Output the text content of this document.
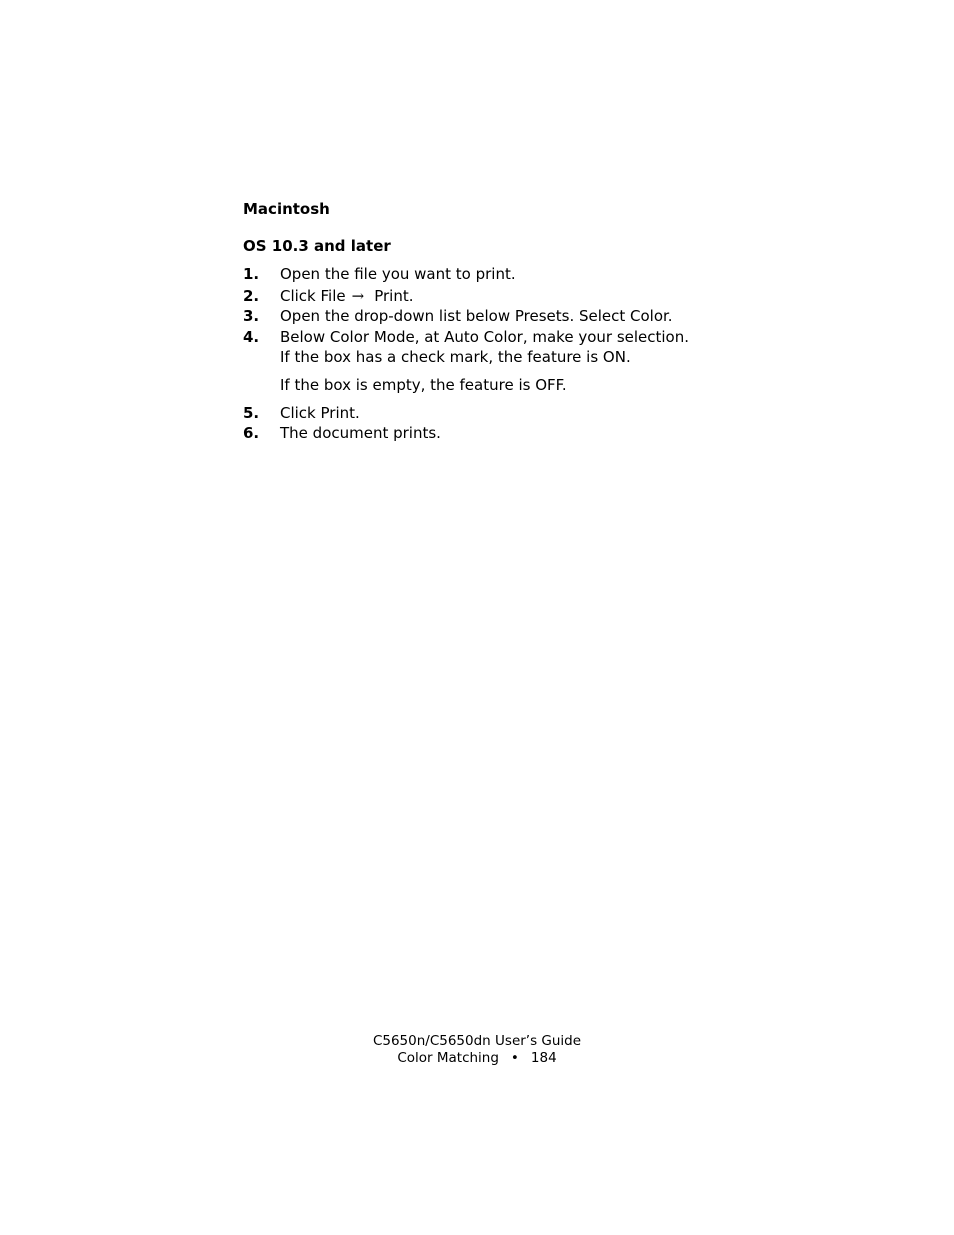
Macintosh
OS 10.3 and later
1. Open the file you want to print.
2. Click File → Print.
3. Open the drop-down list below Presets. Select Color.
4. Below Color Mode, at Auto Color, make your selection.
If the box has a check mark, the feature is ON.
If the box is empty, the feature is OFF.
5. Click Print.
6. The document prints.
C5650n/C5650dn User’s Guide
Color Matching • 184
